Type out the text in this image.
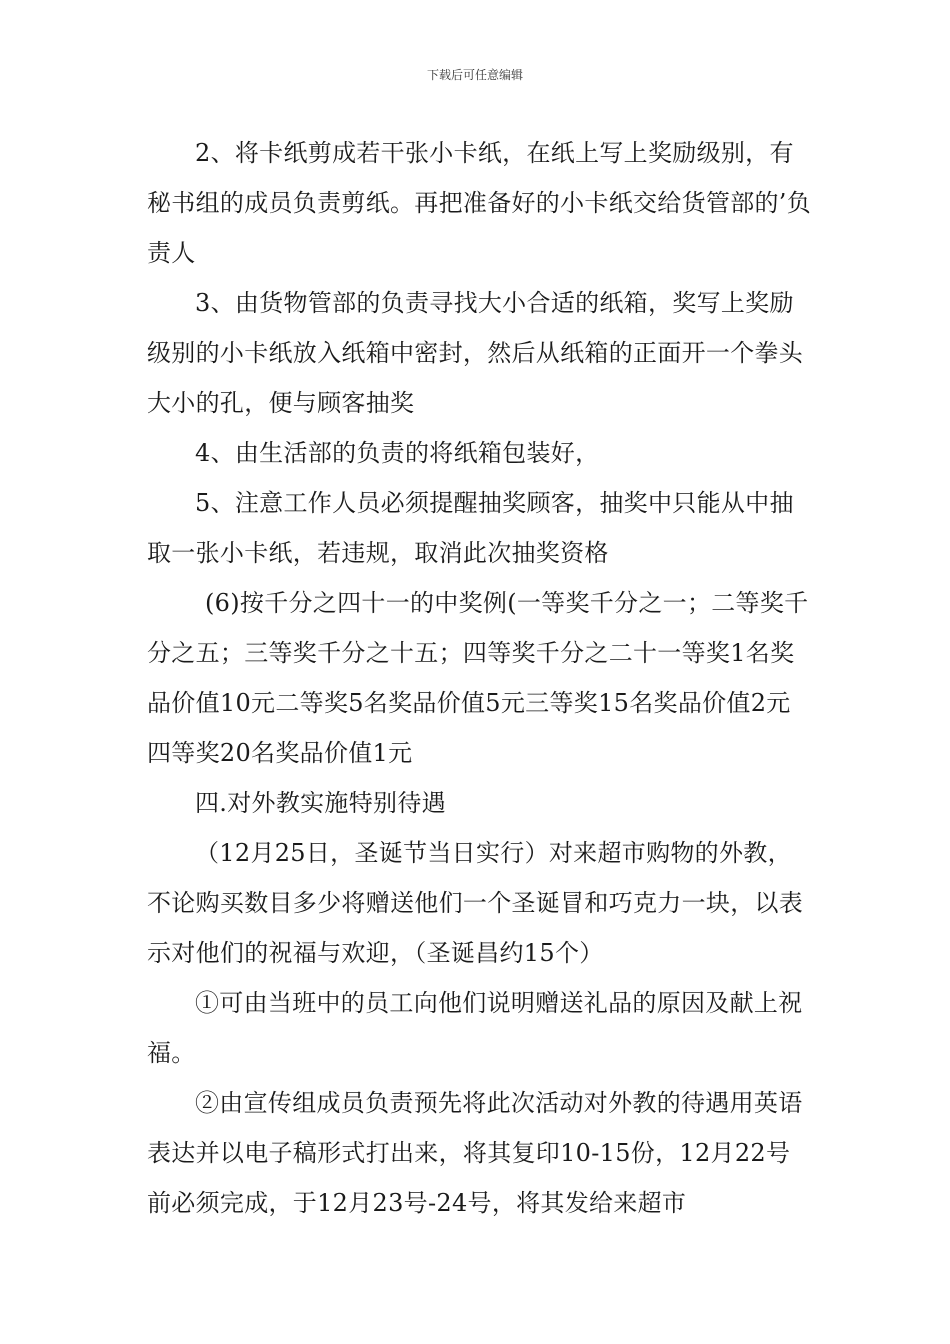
下载后可任意编辑

2、将卡纸剪成若干张小卡纸，在纸上写上奖励级别，有秘书组的成员负责剪纸。再把准备好的小卡纸交给货管部的’负责人

3、由货物管部的负责寻找大小合适的纸箱，奖写上奖励级别的小卡纸放入纸箱中密封，然后从纸箱的正面开一个拳头大小的孔，便与顾客抽奖

4、由生活部的负责的将纸箱包装好，

5、注意工作人员必须提醒抽奖顾客，抽奖中只能从中抽取一张小卡纸，若违规，取消此次抽奖资格

(6)按千分之四十一的中奖例(一等奖千分之一；二等奖千分之五；三等奖千分之十五；四等奖千分之二十一等奖1名奖品价值10元二等奖5名奖品价值5元三等奖15名奖品价值2元四等奖20名奖品价值1元

四.对外教实施特别待遇

（12月25日，圣诞节当日实行）对来超市购物的外教，不论购买数目多少将赠送他们一个圣诞冒和巧克力一块，以表示对他们的祝福与欢迎，（圣诞昌约15个）

①可由当班中的员工向他们说明赠送礼品的原因及献上祝福。

②由宣传组成员负责预先将此次活动对外教的待遇用英语表达并以电子稿形式打出来，将其复印10-15份，12月22号前必须完成，于12月23号-24号，将其发给来超市
